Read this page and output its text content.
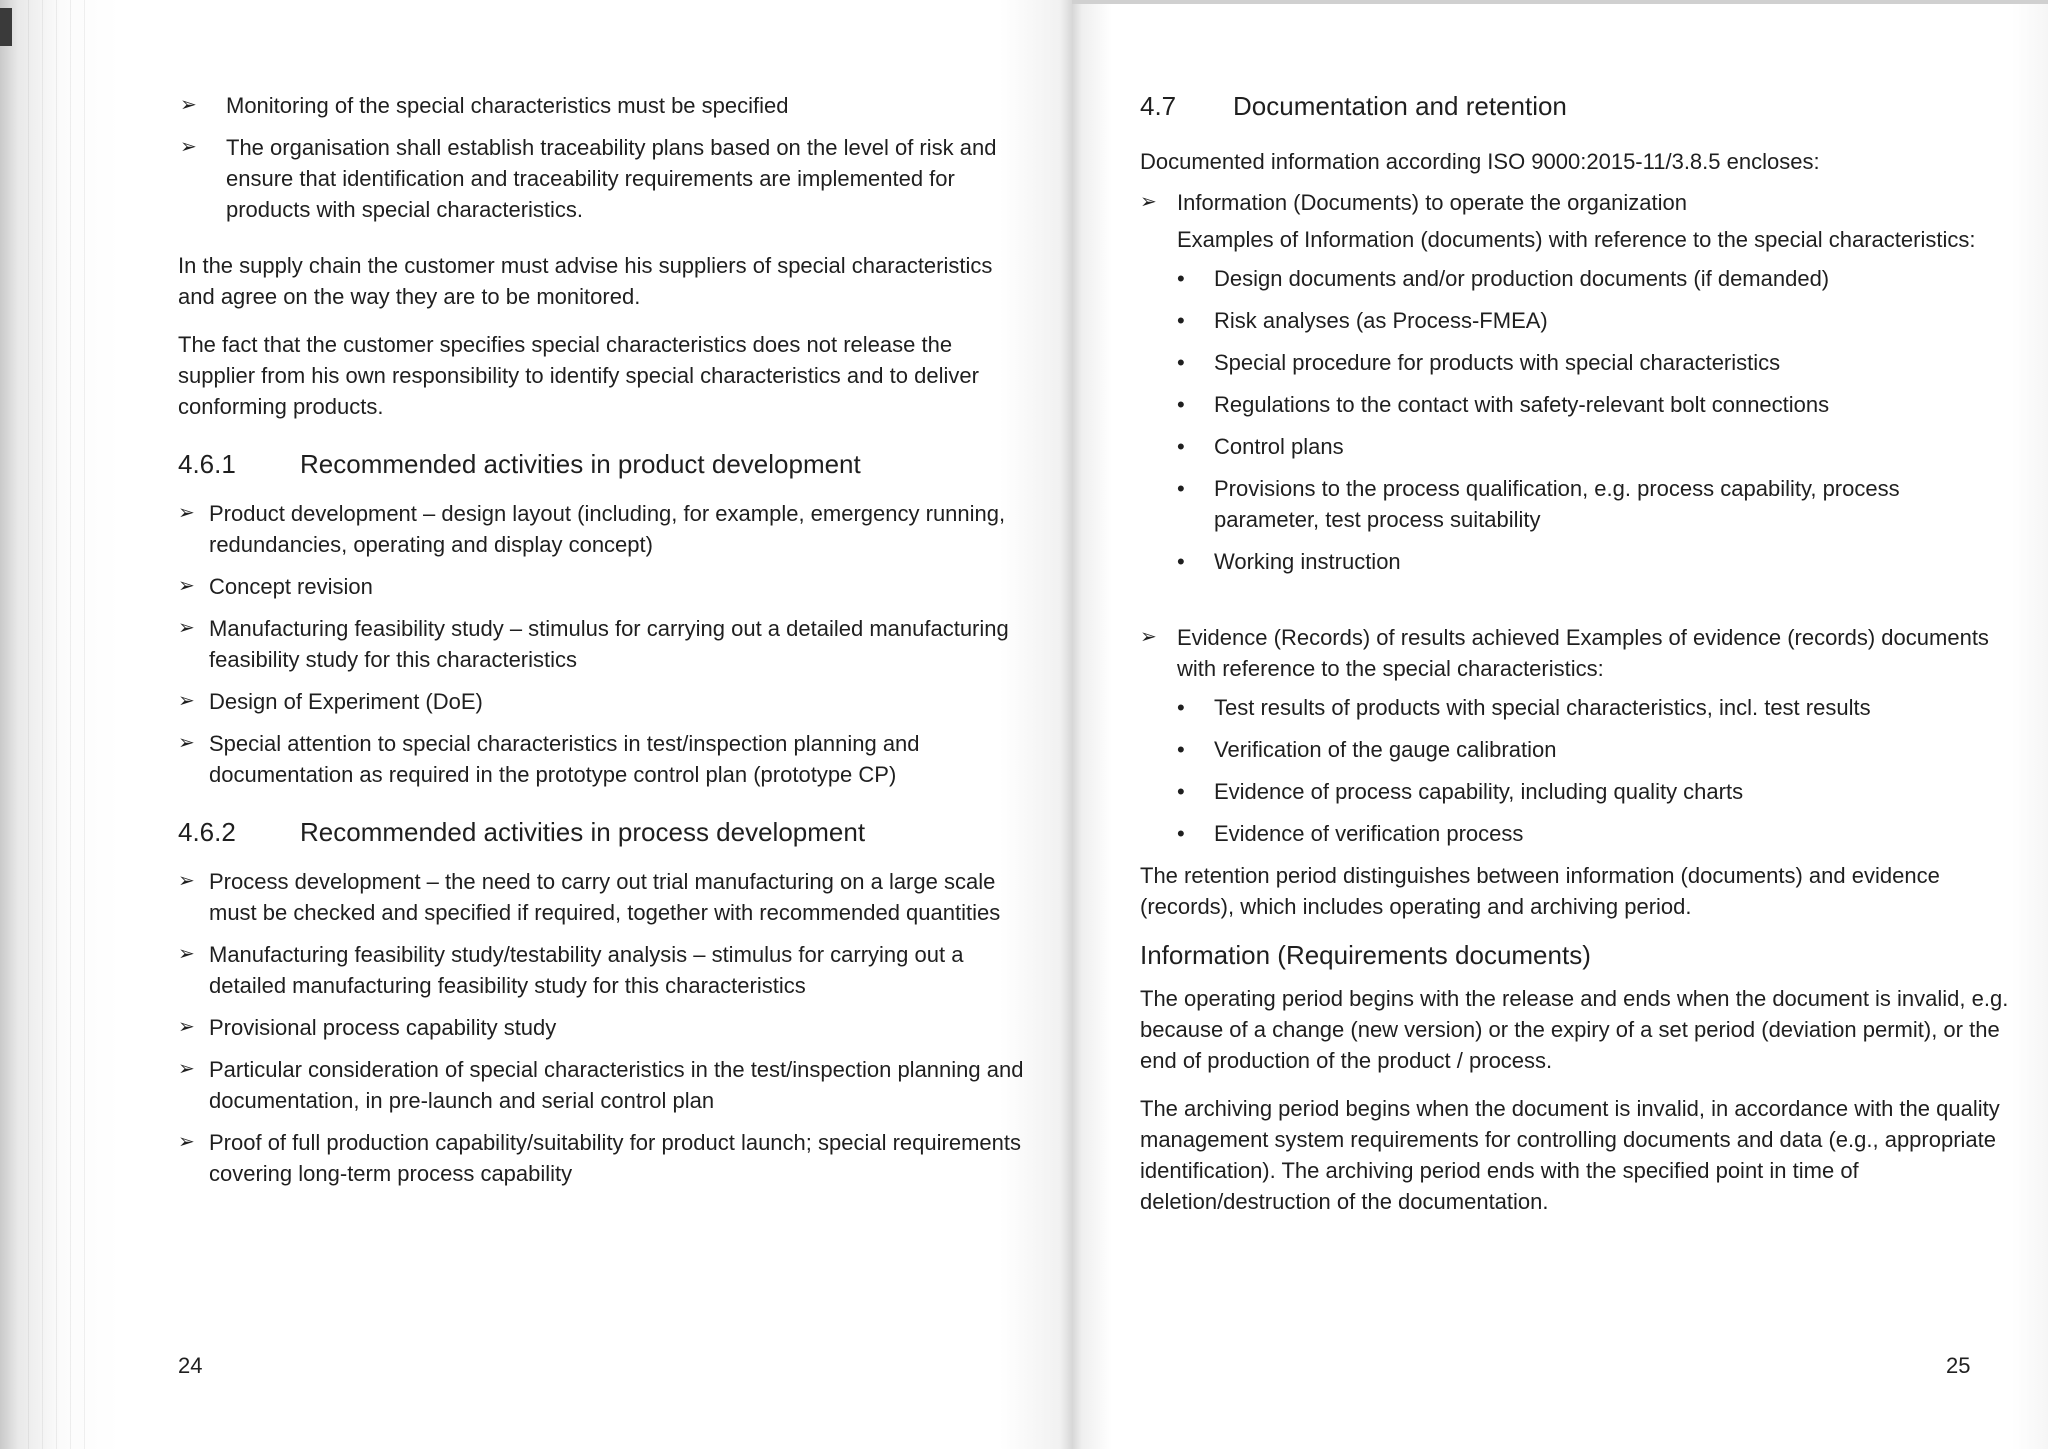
➢ Monitoring of the special characteristics must be specified
➢ The organisation shall establish traceability plans based on the level of risk and ensure that identification and traceability requirements are implemented for products with special characteristics.

In the supply chain the customer must advise his suppliers of special characteristics and agree on the way they are to be monitored.

The fact that the customer specifies special characteristics does not release the supplier from his own responsibility to identify special characteristics and to deliver conforming products.

4.6.1	Recommended activities in product development
➢ Product development – design layout (including, for example, emergency running, redundancies, operating and display concept)
➢ Concept revision
➢ Manufacturing feasibility study – stimulus for carrying out a detailed manufacturing feasibility study for this characteristics
➢ Design of Experiment (DoE)
➢ Special attention to special characteristics in test/inspection planning and documentation as required in the prototype control plan (prototype CP)
4.6.2	Recommended activities in process development
➢ Process development – the need to carry out trial manufacturing on a large scale must be checked and specified if required, together with recommended quantities
➢ Manufacturing feasibility study/testability analysis – stimulus for carrying out a detailed manufacturing feasibility study for this characteristics
➢ Provisional process capability study
➢ Particular consideration of special characteristics in the test/inspection planning and documentation, in pre-launch and serial control plan
➢ Proof of full production capability/suitability for product launch; special requirements covering long-term process capability
24
4.7	Documentation and retention

Documented information according ISO 9000:2015-11/3.8.5 encloses:

➢ Information (Documents) to operate the organization

Examples of Information (documents) with reference to the special characteristics:

• Design documents and/or production documents (if demanded)
• Risk analyses (as Process-FMEA)
• Special procedure for products with special characteristics
• Regulations to the contact with safety-relevant bolt connections
• Control plans
• Provisions to the process qualification, e.g. process capability, process parameter, test process suitability
• Working instruction
➢ Evidence (Records) of results achieved Examples of evidence (records) documents with reference to the special characteristics:

• Test results of products with special characteristics, incl. test results
• Verification of the gauge calibration
• Evidence of process capability, including quality charts
• Evidence of verification process

The retention period distinguishes between information (documents) and evidence (records), which includes operating and archiving period.

Information (Requirements documents)

The operating period begins with the release and ends when the document is invalid, e.g. because of a change (new version) or the expiry of a set period (deviation permit), or the end of production of the product / process.

The archiving period begins when the document is invalid, in accordance with the quality management system requirements for controlling documents and data (e.g., appropriate identification). The archiving period ends with the specified point in time of deletion/destruction of the documentation.

25
